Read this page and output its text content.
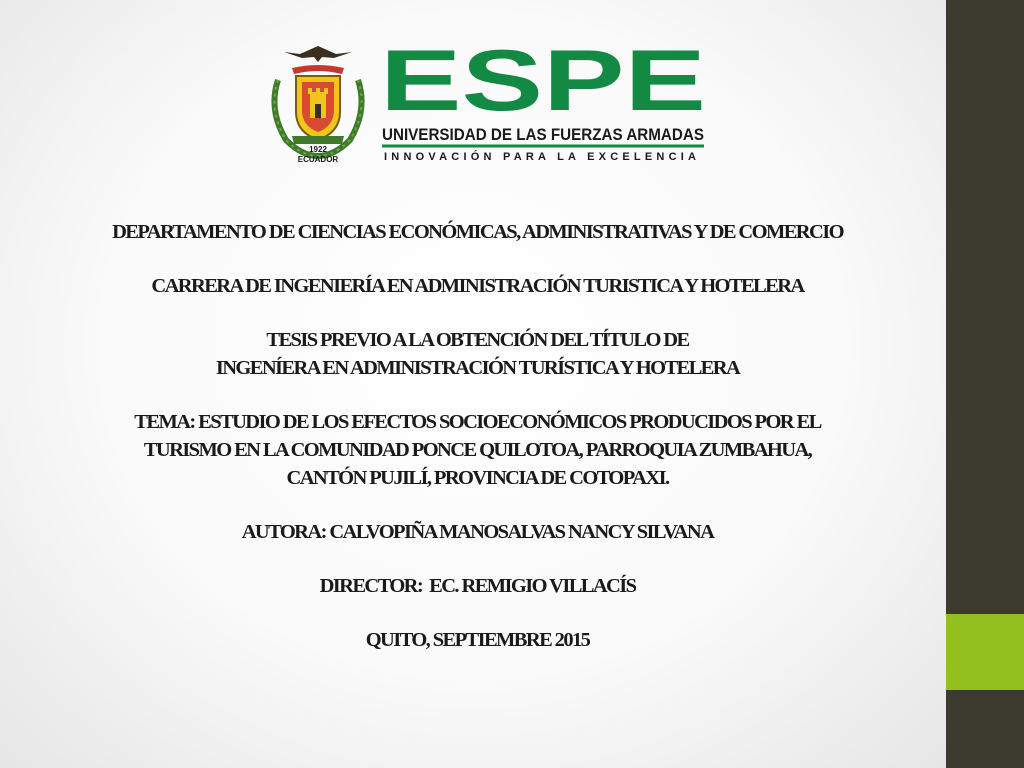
1922
ECUADOR
ESPE
UNIVERSIDAD DE LAS FUERZAS ARMADAS
INNOVACIÓN PARA LA EXCELENCIA
DEPARTAMENTO DE CIENCIAS ECONÓMICAS, ADMINISTRATIVAS Y DE COMERCIO
CARRERA DE INGENIERÍA EN ADMINISTRACIÓN TURISTICA Y HOTELERA
TESIS PREVIO A LA OBTENCIÓN DEL TÍTULO DE
INGENÍERA EN ADMINISTRACIÓN TURÍSTICA Y HOTELERA
TEMA: ESTUDIO DE LOS EFECTOS SOCIOECONÓMICOS PRODUCIDOS POR EL
TURISMO EN LA COMUNIDAD PONCE QUILOTOA, PARROQUIA ZUMBAHUA,
CANTÓN PUJILÍ, PROVINCIA DE COTOPAXI.
AUTORA: CALVOPIÑA MANOSALVAS NANCY SILVANA
DIRECTOR:  EC. REMIGIO VILLACÍS
QUITO, SEPTIEMBRE 2015
